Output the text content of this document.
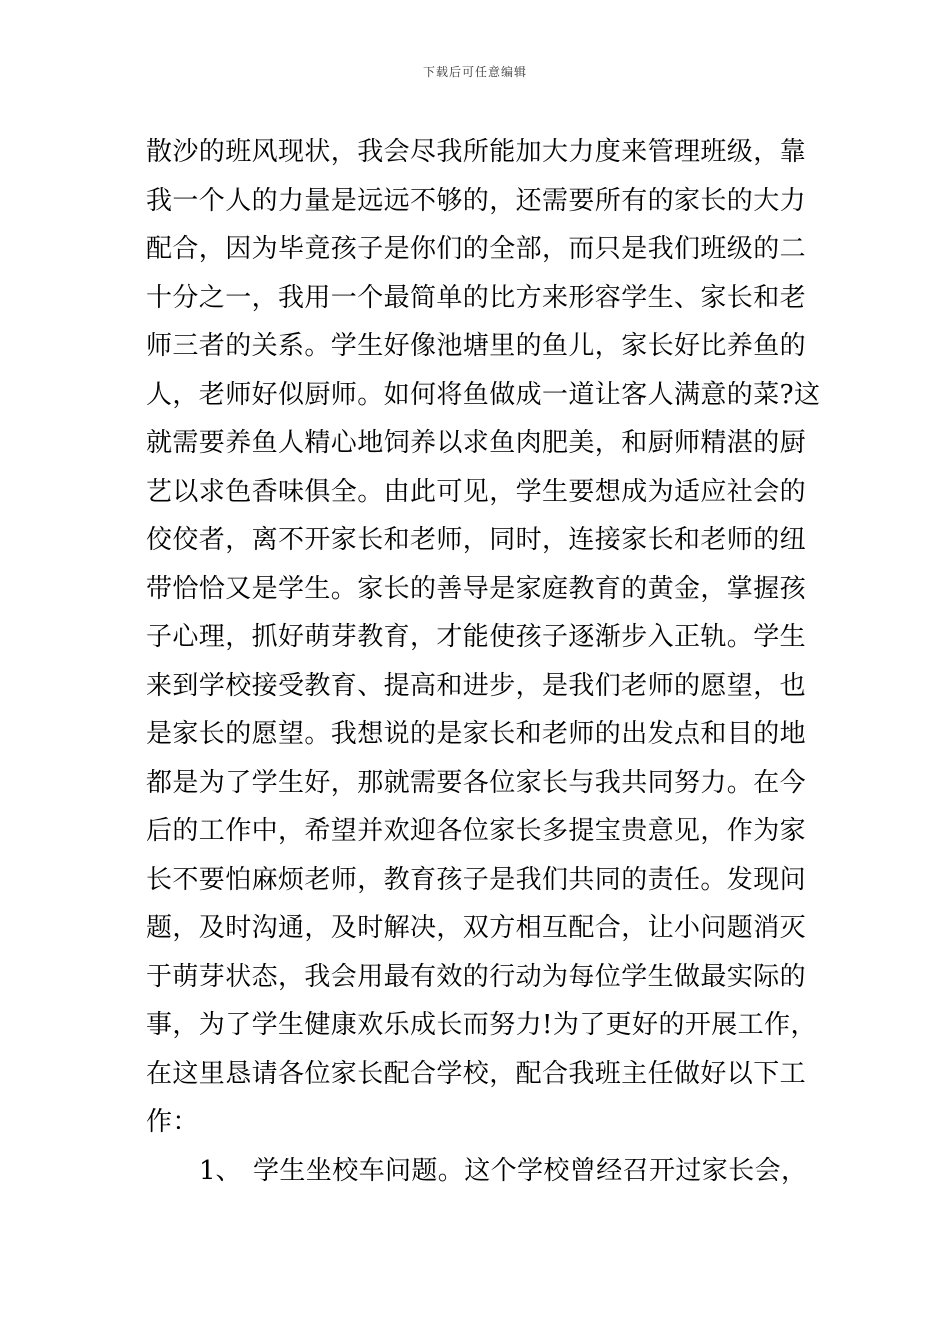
下载后可任意编辑
散沙的班风现状，我会尽我所能加大力度来管理班级，靠
我一个人的力量是远远不够的，还需要所有的家长的大力
配合，因为毕竟孩子是你们的全部，而只是我们班级的二
十分之一，我用一个最简单的比方来形容学生、家长和老
师三者的关系。学生好像池塘里的鱼儿，家长好比养鱼的
人，老师好似厨师。如何将鱼做成一道让客人满意的菜?这
就需要养鱼人精心地饲养以求鱼肉肥美，和厨师精湛的厨
艺以求色香味俱全。由此可见，学生要想成为适应社会的
佼佼者，离不开家长和老师，同时，连接家长和老师的纽
带恰恰又是学生。家长的善导是家庭教育的黄金，掌握孩
子心理，抓好萌芽教育，才能使孩子逐渐步入正轨。学生
来到学校接受教育、提高和进步，是我们老师的愿望，也
是家长的愿望。我想说的是家长和老师的出发点和目的地
都是为了学生好，那就需要各位家长与我共同努力。在今
后的工作中，希望并欢迎各位家长多提宝贵意见，作为家
长不要怕麻烦老师，教育孩子是我们共同的责任。发现问
题，及时沟通，及时解决，双方相互配合，让小问题消灭
于萌芽状态，我会用最有效的行动为每位学生做最实际的
事，为了学生健康欢乐成长而努力!为了更好的开展工作，
在这里恳请各位家长配合学校，配合我班主任做好以下工
作：
1、 学生坐校车问题。这个学校曾经召开过家长会，
